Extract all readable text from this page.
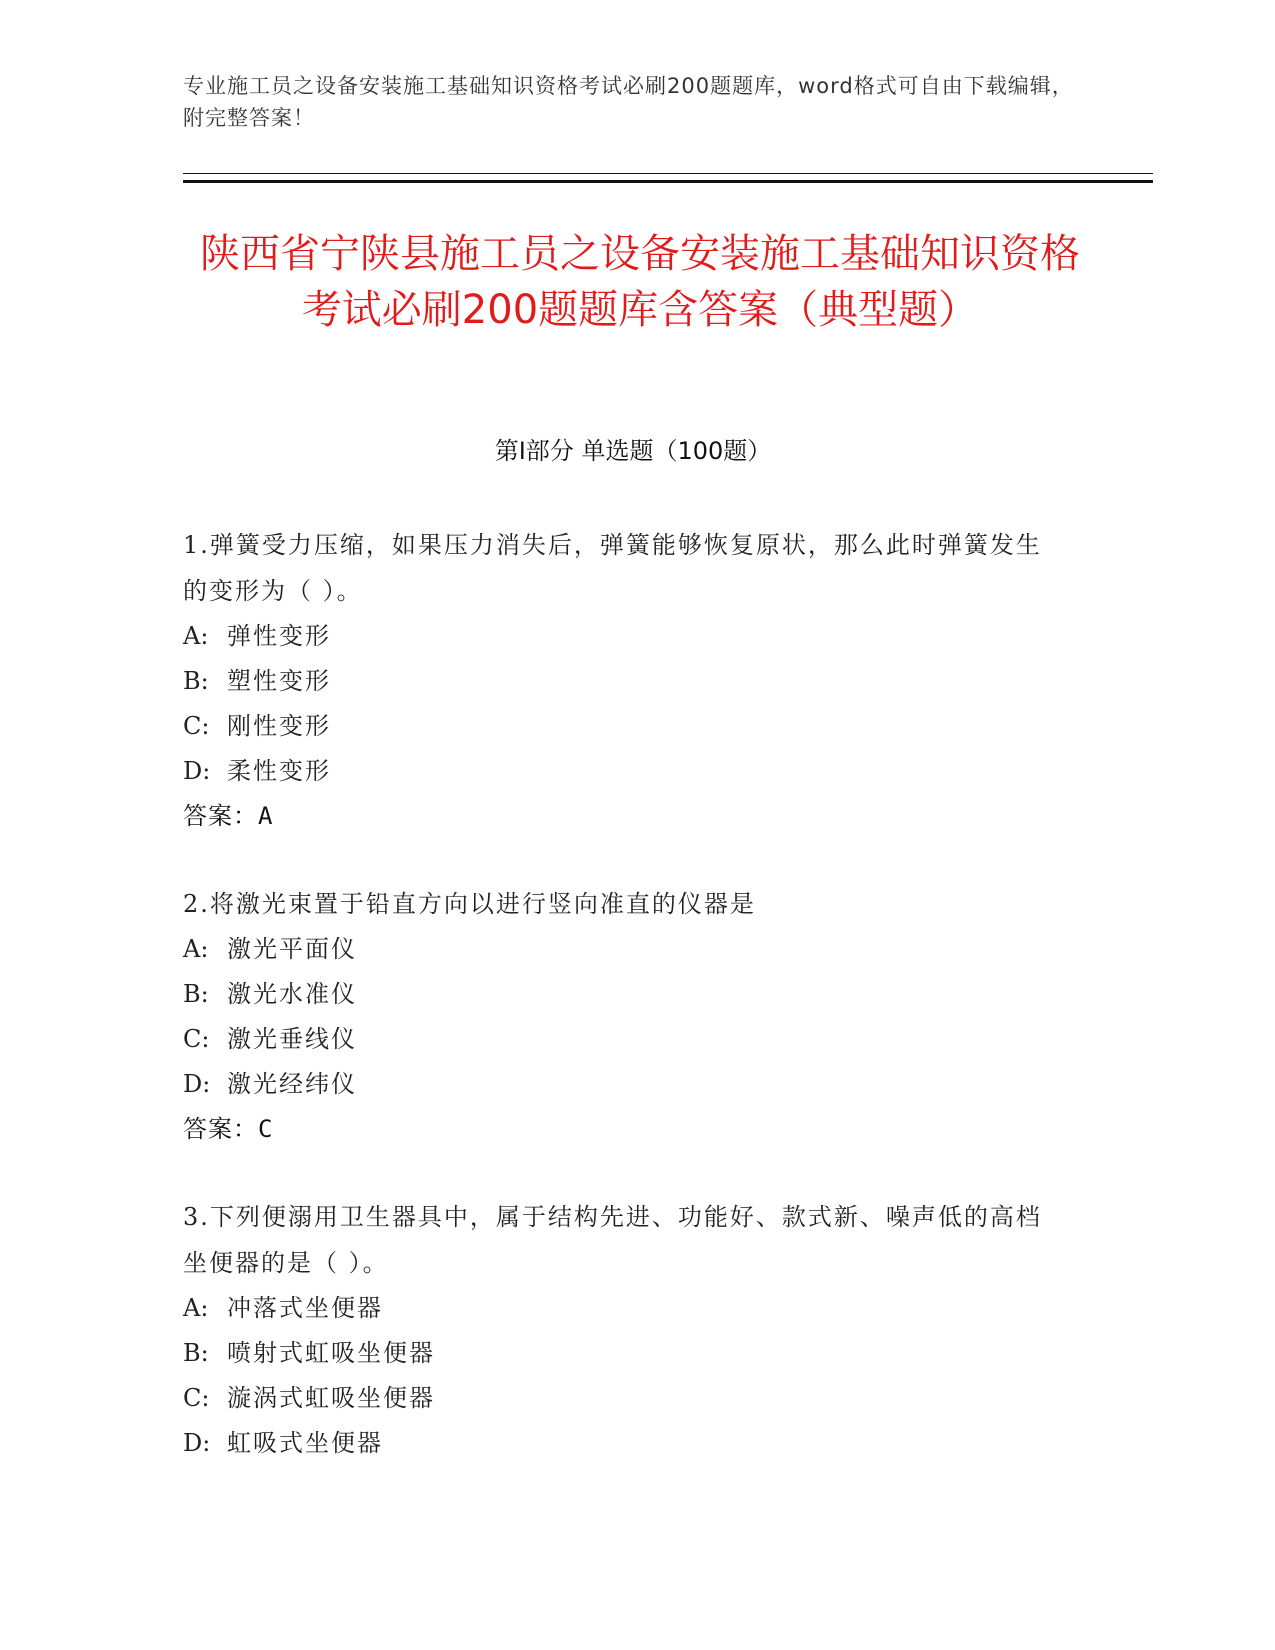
专业施工员之设备安装施工基础知识资格考试必刷200题题库，word格式可自由下载编辑，附完整答案！
陕西省宁陕县施工员之设备安装施工基础知识资格考试必刷200题题库含答案（典型题）
第I部分 单选题（100题）
1.弹簧受力压缩，如果压力消失后，弹簧能够恢复原状，那么此时弹簧发生的变形为（ ）。
A: 弹性变形
B: 塑性变形
C: 刚性变形
D: 柔性变形
答案：A
2.将激光束置于铅直方向以进行竖向准直的仪器是
A: 激光平面仪
B: 激光水准仪
C: 激光垂线仪
D: 激光经纬仪
答案：C
3.下列便溺用卫生器具中，属于结构先进、功能好、款式新、噪声低的高档坐便器的是（ ）。
A: 冲落式坐便器
B: 喷射式虹吸坐便器
C: 漩涡式虹吸坐便器
D: 虹吸式坐便器
